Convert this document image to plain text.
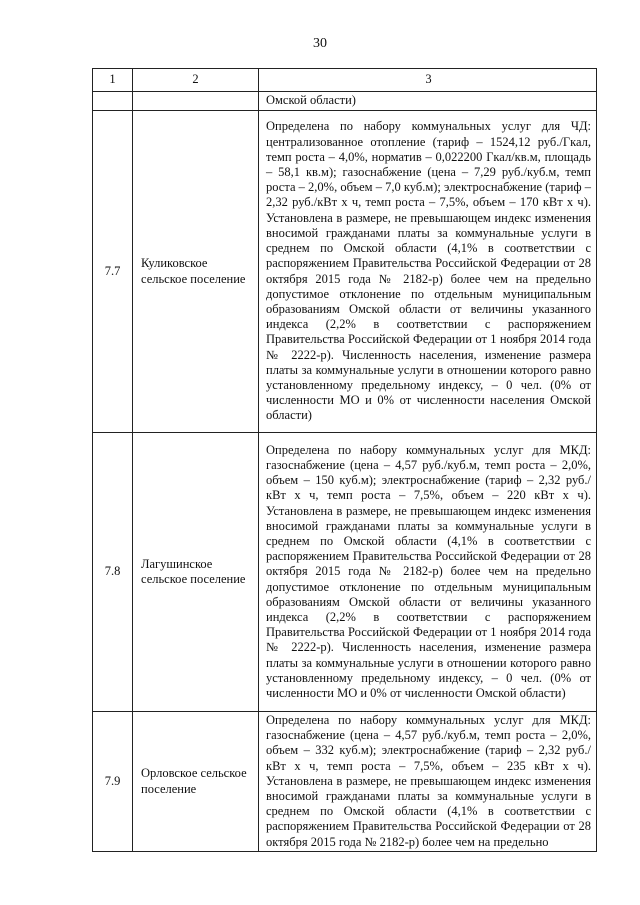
30
1	2	3
		Омской области)
7.7	Куликовское сельское поселение	Определена по набору коммунальных услуг для ЧД: централизованное отопление (тариф – 1524,12 руб./Гкал, темп роста – 4,0%, норматив – 0,022200 Гкал/кв.м, площадь – 58,1 кв.м); газоснабжение (цена – 7,29 руб./куб.м, темп роста – 2,0%, объем – 7,0 куб.м); электроснабжение (тариф – 2,32 руб./кВт х ч, темп роста – 7,5%, объем – 170 кВт х ч). Установлена в размере, не превышающем индекс изменения вносимой гражданами платы за коммунальные услуги в среднем по Омской области (4,1% в соответствии с распоряжением Правительства Российской Федерации от 28 октября 2015 года № 2182-р) более чем на предельно допустимое отклонение по отдельным муниципальным образованиям Омской области от величины указанного индекса (2,2% в соответствии с распоряжением Правительства Российской Федерации от 1 ноября 2014 года № 2222-р). Численность населения, изменение размера платы за коммунальные услуги в отношении которого равно установленному предельному индексу, – 0 чел. (0% от численности МО и 0% от численности населения Омской области)
7.8	Лагушинское сельское поселение	Определена по набору коммунальных услуг для МКД: газоснабжение (цена – 4,57 руб./куб.м, темп роста – 2,0%, объем – 150 куб.м); электроснабжение (тариф – 2,32 руб./кВт х ч, темп роста – 7,5%, объем – 220 кВт х ч). Установлена в размере, не превышающем индекс изменения вносимой гражданами платы за коммунальные услуги в среднем по Омской области (4,1% в соответствии с распоряжением Правительства Российской Федерации от 28 октября 2015 года № 2182-р) более чем на предельно допустимое отклонение по отдельным муниципальным образованиям Омской области от величины указанного индекса (2,2% в соответствии с распоряжением Правительства Российской Федерации от 1 ноября 2014 года № 2222-р). Численность населения, изменение размера платы за коммунальные услуги в отношении которого равно установленному предельному индексу, – 0 чел. (0% от численности МО и 0% от численности Омской области)
7.9	Орловское сельское поселение	Определена по набору коммунальных услуг для МКД: газоснабжение (цена – 4,57 руб./куб.м, темп роста – 2,0%, объем – 332 куб.м); электроснабжение (тариф – 2,32 руб./кВт х ч, темп роста – 7,5%, объем – 235 кВт х ч). Установлена в размере, не превышающем индекс изменения вносимой гражданами платы за коммунальные услуги в среднем по Омской области (4,1% в соответствии с распоряжением Правительства Российской Федерации от 28 октября 2015 года № 2182-р) более чем на предельно
